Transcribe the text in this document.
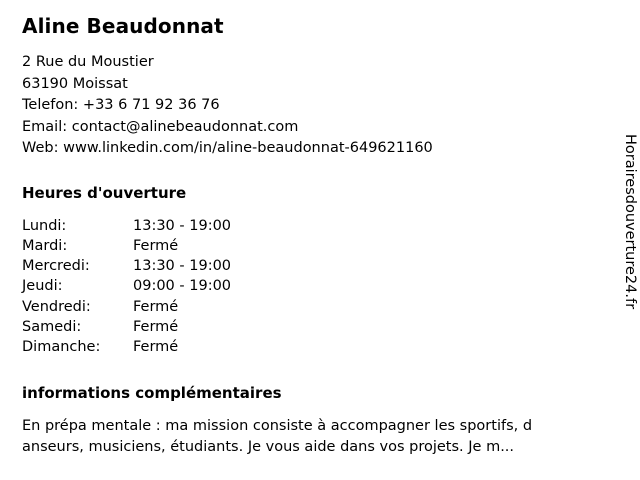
Aline Beaudonnat
2 Rue du Moustier
63190 Moissat
Telefon: +33 6 71 92 36 76
Email: contact@alinebeaudonnat.com
Web: www.linkedin.com/in/aline-beaudonnat-649621160
Heures d'ouverture
Lundi:	13:30 - 19:00
Mardi:	Fermé
Mercredi:	13:30 - 19:00
Jeudi:	09:00 - 19:00
Vendredi:	Fermé
Samedi:	Fermé
Dimanche:	Fermé
informations complémentaires
En prépa mentale : ma mission consiste à accompagner les sportifs, d
anseurs, musiciens, étudiants. Je vous aide dans vos projets. Je m...
Horairesdouverture24.fr
